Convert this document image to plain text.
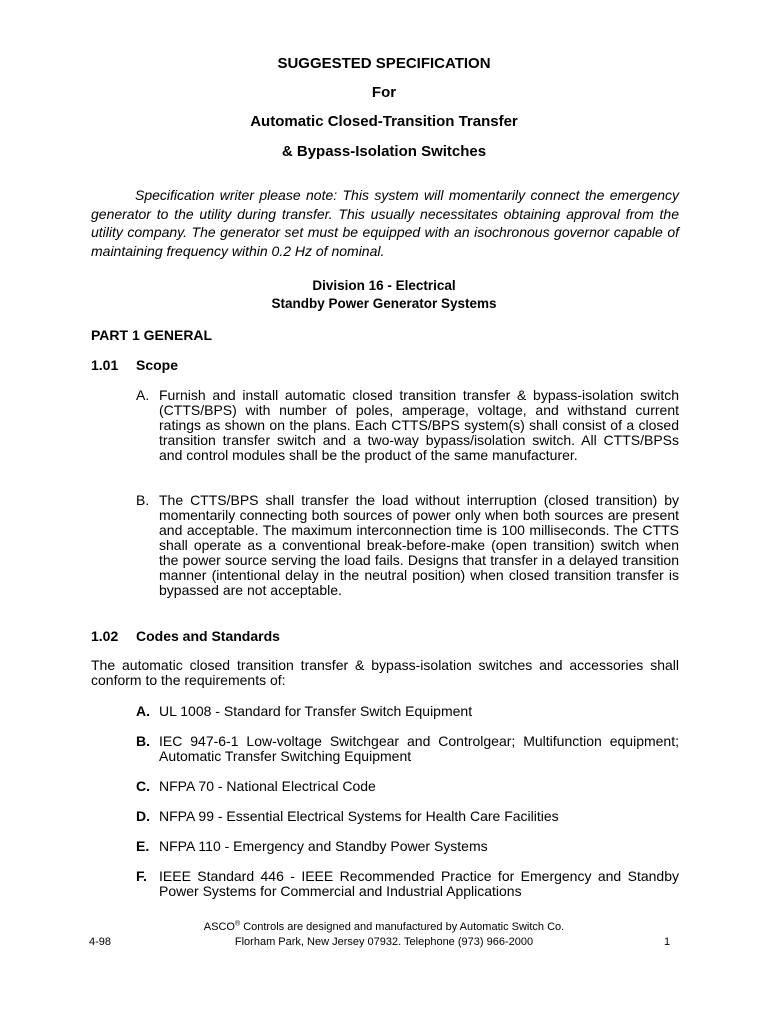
SUGGESTED SPECIFICATION

For

Automatic Closed-Transition Transfer

& Bypass-Isolation Switches

Specification writer please note: This system will momentarily connect the emergency generator to the utility during transfer. This usually necessitates obtaining approval from the utility company. The generator set must be equipped with an isochronous governor capable of maintaining frequency within 0.2 Hz of nominal.

Division 16 - Electrical

Standby Power Generator Systems

PART 1 GENERAL

1.01 Scope

A. Furnish and install automatic closed transition transfer & bypass-isolation switch (CTTS/BPS) with number of poles, amperage, voltage, and withstand current ratings as shown on the plans. Each CTTS/BPS system(s) shall consist of a closed transition transfer switch and a two-way bypass/isolation switch. All CTTS/BPSs and control modules shall be the product of the same manufacturer.
B. The CTTS/BPS shall transfer the load without interruption (closed transition) by momentarily connecting both sources of power only when both sources are present and acceptable. The maximum interconnection time is 100 milliseconds. The CTTS shall operate as a conventional break-before-make (open transition) switch when the power source serving the load fails. Designs that transfer in a delayed transition manner (intentional delay in the neutral position) when closed transition transfer is bypassed are not acceptable.

1.02 Codes and Standards

The automatic closed transition transfer & bypass-isolation switches and accessories shall conform to the requirements of:

A. UL 1008 - Standard for Transfer Switch Equipment
B. IEC 947-6-1 Low-voltage Switchgear and Controlgear; Multifunction equipment; Automatic Transfer Switching Equipment
C. NFPA 70 - National Electrical Code
D. NFPA 99 - Essential Electrical Systems for Health Care Facilities
E. NFPA 110 - Emergency and Standby Power Systems
F. IEEE Standard 446 - IEEE Recommended Practice for Emergency and Standby Power Systems for Commercial and Industrial Applications
4-98

ASCO® Controls are designed and manufactured by Automatic Switch Co.
Florham Park, New Jersey 07932. Telephone (973) 966-2000	1
